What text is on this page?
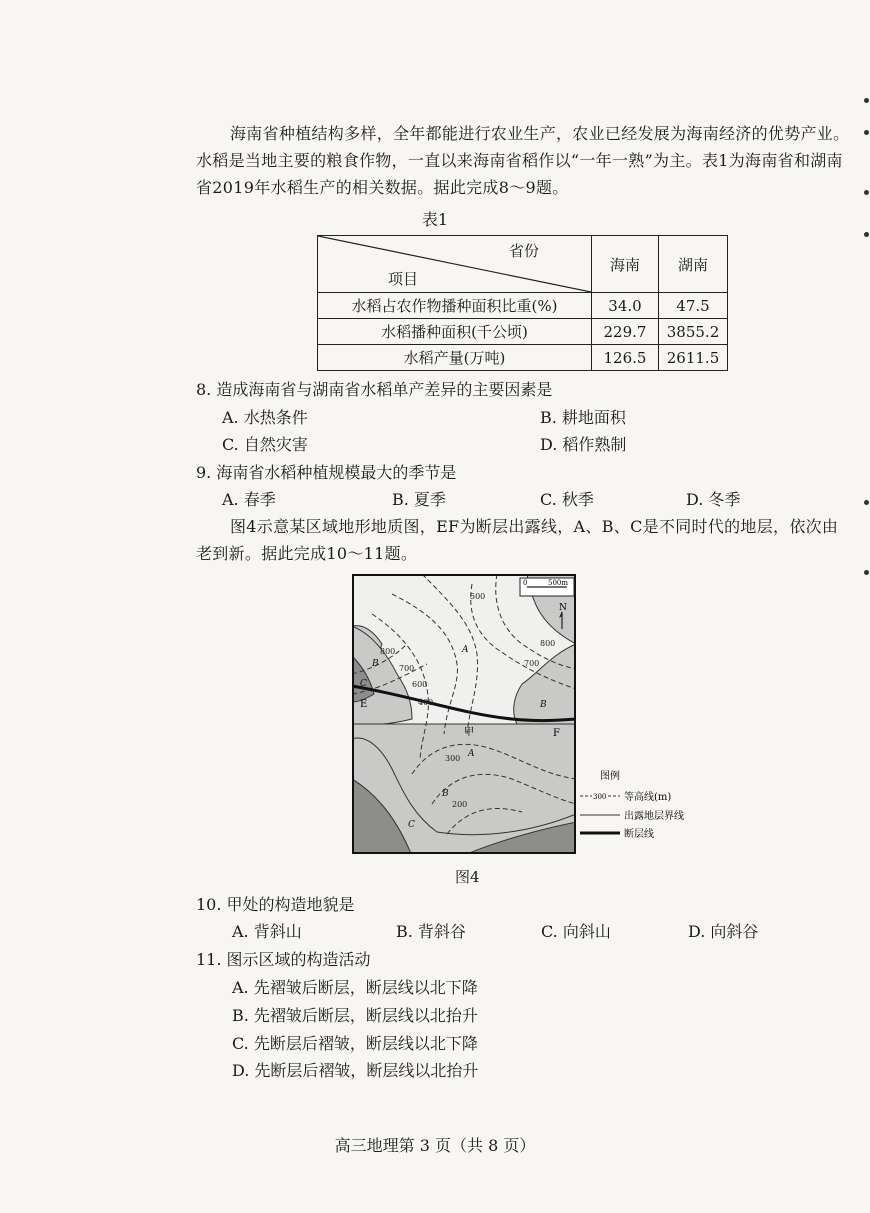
海南省种植结构多样，全年都能进行农业生产，农业已经发展为海南经济的优势产业。水稻是当地主要的粮食作物，一直以来海南省稻作以“一年一熟”为主。表1为海南省和湖南省2019年水稻生产的相关数据。据此完成8～9题。
表1
省份
项目	海南	湖南
水稻占农作物播种面积比重(%)	34.0	47.5
水稻播种面积(千公顷)	229.7	3855.2
水稻产量(万吨)	126.5	2611.5
8. 造成海南省与湖南省水稻单产差异的主要因素是
A. 水热条件	B. 耕地面积
C. 自然灾害	D. 稻作熟制
9. 海南省水稻种植规模最大的季节是
A. 春季	B. 夏季	C. 秋季	D. 冬季
图4示意某区域地形地质图，EF为断层出露线，A、B、C是不同时代的地层，依次由老到新。据此完成10～11题。
0	500m
N
500
800
700
600
400
800
700
300
200
A
B
C
B
A
B
C
E
F
甲
图例
300 等高线(m)
出露地层界线
断层线
图4
10. 甲处的构造地貌是
A. 背斜山	B. 背斜谷	C. 向斜山	D. 向斜谷
11. 图示区域的构造活动
A. 先褶皱后断层，断层线以北下降
B. 先褶皱后断层，断层线以北抬升
C. 先断层后褶皱，断层线以北下降
D. 先断层后褶皱，断层线以北抬升
高三地理第 3 页（共 8 页）
